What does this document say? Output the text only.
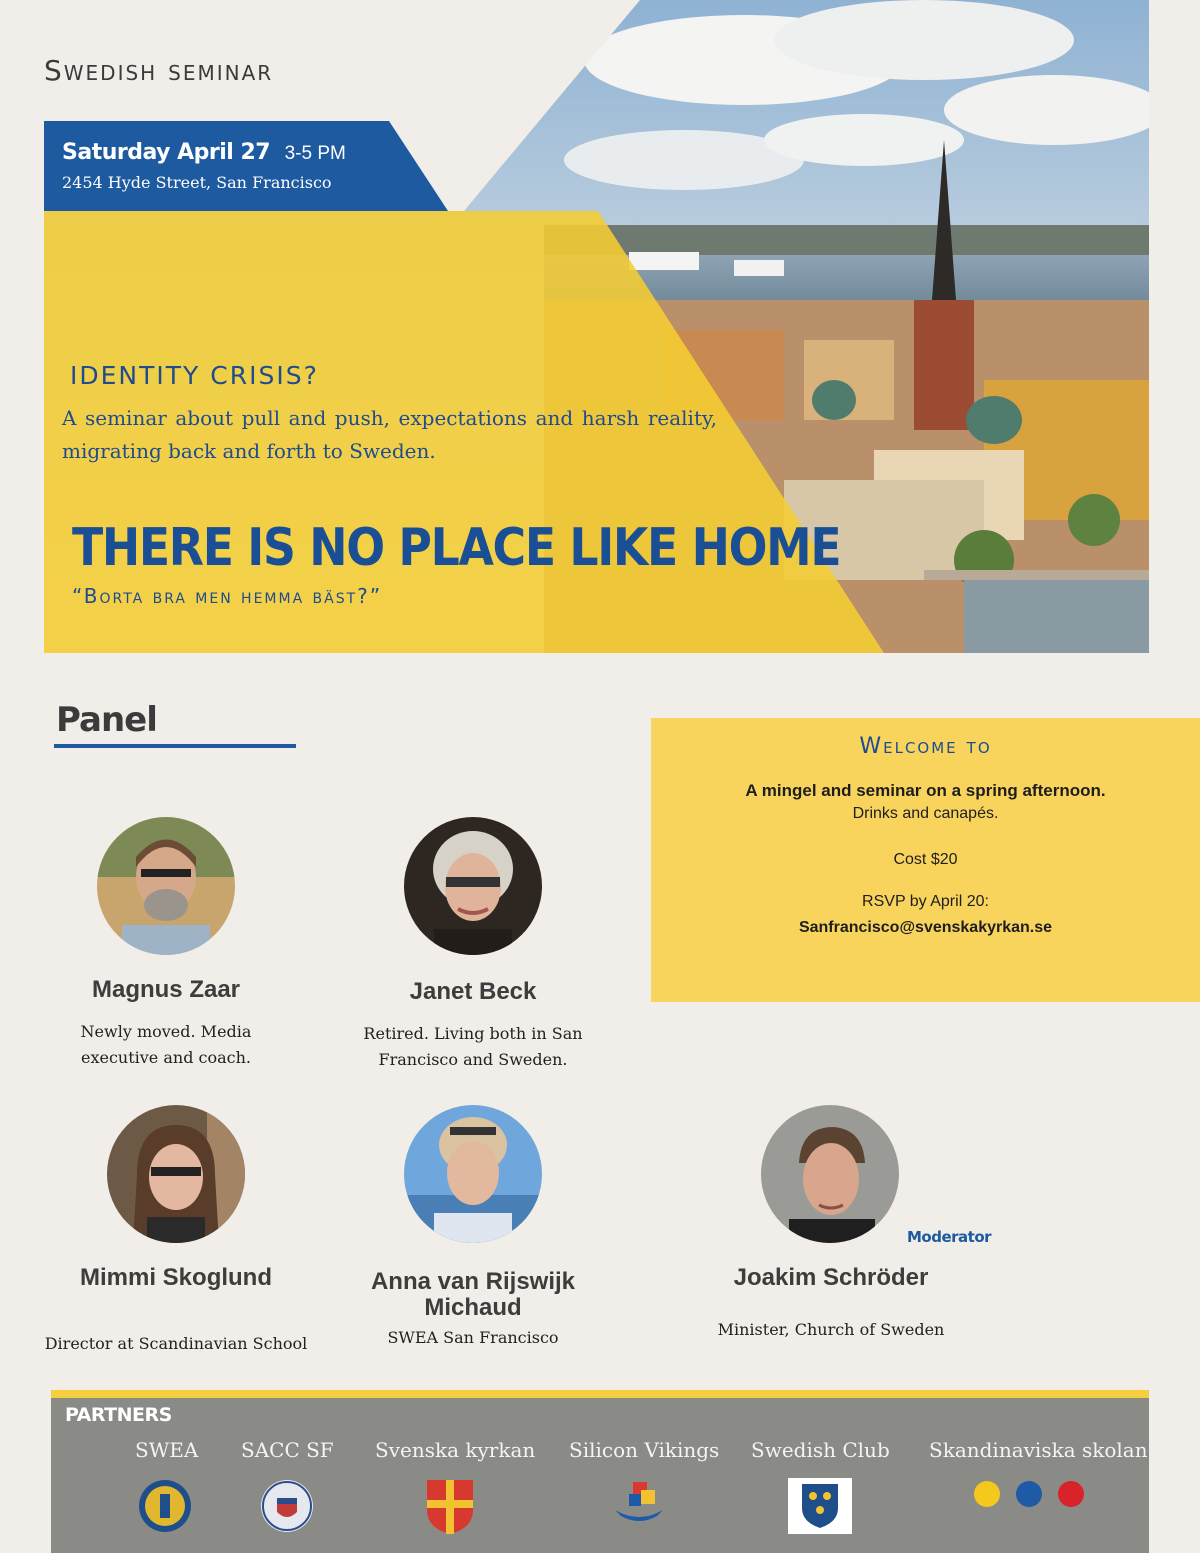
Swedish seminar
Saturday April 27 3-5 PM
2454 Hyde Street, San Francisco
IDENTITY CRISIS?
A seminar about pull and push, expectations and harsh reality, migrating back and forth to Sweden.
THERE IS NO PLACE LIKE HOME
“Borta bra men hemma bäst?”
Panel
Magnus Zaar
Newly moved. Media executive and coach.
Janet Beck
Retired. Living both in San Francisco and Sweden.
Mimmi Skoglund
Director at Scandinavian School
Anna van Rijswijk Michaud
SWEA San Francisco
Joakim Schröder
Minister, Church of Sweden
Moderator
Welcome to
A mingel and seminar on a spring afternoon.
Drinks and canapés.
Cost $20
RSVP by April 20:
Sanfrancisco@svenskakyrkan.se
PARTNERS
SWEA SACC SF Svenska kyrkan Silicon Vikings Swedish Club Skandinaviska skolan
